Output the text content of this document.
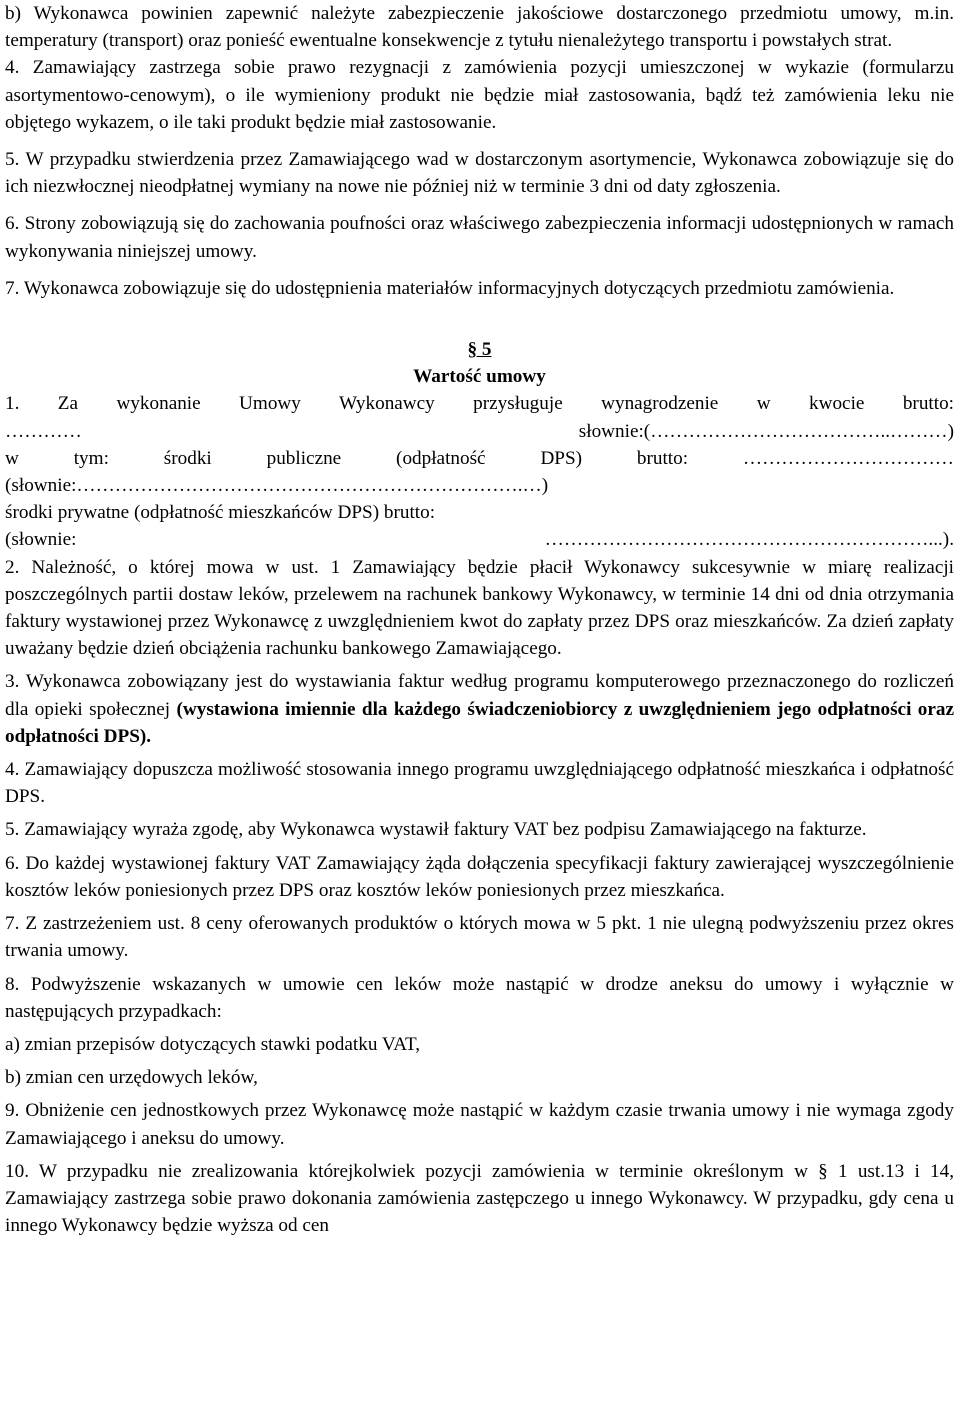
b) Wykonawca powinien zapewnić należyte zabezpieczenie jakościowe dostarczonego przedmiotu umowy, m.in. temperatury (transport) oraz ponieść ewentualne konsekwencje z tytułu nienależytego transportu i powstałych strat.

4. Zamawiający zastrzega sobie prawo rezygnacji z zamówienia pozycji umieszczonej w wykazie (formularzu asortymentowo-cenowym), o ile wymieniony produkt nie będzie miał zastosowania, bądź też zamówienia leku nie objętego wykazem, o ile taki produkt będzie miał zastosowanie.

5. W przypadku stwierdzenia przez Zamawiającego wad w dostarczonym asortymencie, Wykonawca zobowiązuje się do ich niezwłocznej nieodpłatnej wymiany na nowe nie później niż w terminie 3 dni od daty zgłoszenia.

6. Strony zobowiązują się do zachowania poufności oraz właściwego zabezpieczenia informacji udostępnionych w ramach wykonywania niniejszej umowy.

7. Wykonawca zobowiązuje się do udostępnienia materiałów informacyjnych dotyczących przedmiotu zamówienia.

§ 5

Wartość umowy

1. Za wykonanie Umowy Wykonawcy przysługuje wynagrodzenie w kwocie brutto:
………… słownie:(………………………………..………)
w tym: środki publiczne (odpłatność DPS) brutto: ……………………………
(słownie:…………………………………………………………….…)
środki prywatne (odpłatność mieszkańców DPS) brutto:
(słownie: ……………………………………………………...).

2. Należność, o której mowa w ust. 1 Zamawiający będzie płacił Wykonawcy sukcesywnie w miarę realizacji poszczególnych partii dostaw leków, przelewem na rachunek bankowy Wykonawcy, w terminie 14 dni od dnia otrzymania faktury wystawionej przez Wykonawcę z uwzględnieniem kwot do zapłaty przez DPS oraz mieszkańców. Za dzień zapłaty uważany będzie dzień obciążenia rachunku bankowego Zamawiającego.

3. Wykonawca zobowiązany jest do wystawiania faktur według programu komputerowego przeznaczonego do rozliczeń dla opieki społecznej (wystawiona imiennie dla każdego świadczeniobiorcy z uwzględnieniem jego odpłatności oraz odpłatności DPS).

4. Zamawiający dopuszcza możliwość stosowania innego programu uwzględniającego odpłatność mieszkańca i odpłatność DPS.

5. Zamawiający wyraża zgodę, aby Wykonawca wystawił faktury VAT bez podpisu Zamawiającego na fakturze.

6. Do każdej wystawionej faktury VAT Zamawiający żąda dołączenia specyfikacji faktury zawierającej wyszczególnienie kosztów leków poniesionych przez DPS oraz kosztów leków poniesionych przez mieszkańca.

7. Z zastrzeżeniem ust. 8 ceny oferowanych produktów o których mowa w 5 pkt. 1 nie ulegną podwyższeniu przez okres trwania umowy.

8. Podwyższenie wskazanych w umowie cen leków może nastąpić w drodze aneksu do umowy i wyłącznie w następujących przypadkach:

a) zmian przepisów dotyczących stawki podatku VAT,

b) zmian cen urzędowych leków,

9. Obniżenie cen jednostkowych przez Wykonawcę może nastąpić w każdym czasie trwania umowy i nie wymaga zgody Zamawiającego i aneksu do umowy.

10. W przypadku nie zrealizowania którejkolwiek pozycji zamówienia w terminie określonym w § 1 ust.13 i 14, Zamawiający zastrzega sobie prawo dokonania zamówienia zastępczego u innego Wykonawcy. W przypadku, gdy cena u innego Wykonawcy będzie wyższa od cen
